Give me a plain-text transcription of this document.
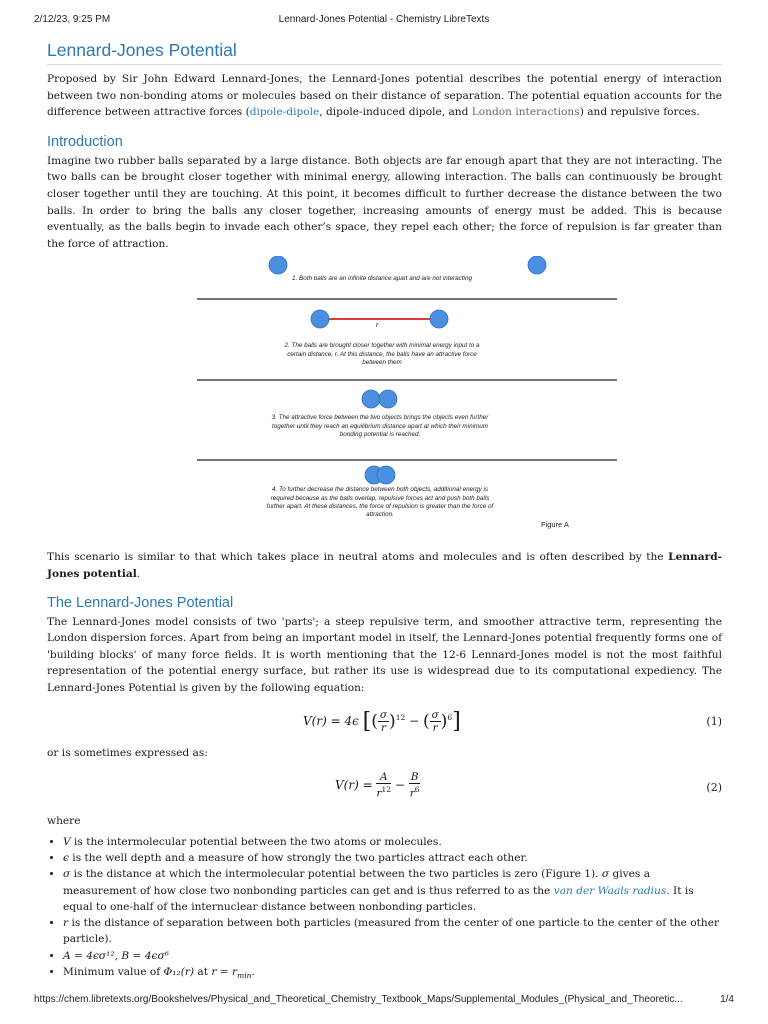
2/12/23, 9:25 PM	Lennard-Jones Potential - Chemistry LibreTexts
Lennard-Jones Potential

Proposed by Sir John Edward Lennard-Jones, the Lennard-Jones potential describes the potential energy of interaction between two non-bonding atoms or molecules based on their distance of separation. The potential equation accounts for the difference between attractive forces (dipole-dipole, dipole-induced dipole, and London interactions) and repulsive forces.

Introduction

Imagine two rubber balls separated by a large distance. Both objects are far enough apart that they are not interacting. The two balls can be brought closer together with minimal energy, allowing interaction. The balls can continuously be brought closer together until they are touching. At this point, it becomes difficult to further decrease the distance between the two balls. In order to bring the balls any closer together, increasing amounts of energy must be added. This is because eventually, as the balls begin to invade each other’s space, they repel each other; the force of repulsion is far greater than the force of attraction.

1. Both balls are an infinite distance apart and are not interacting
r
2. The balls are brought closer together with minimal energy input to a certain distance, r. At this distance, the balls have an attractive force between them
3. The attractive force between the two objects brings the objects even further together until they reach an equilibrium distance apart at which their minimum bonding potential is reached.
4. To further decrease the distance between both objects, additional energy is required because as the balls overlap, repulsive forces act and push both balls further apart. At these distances, the force of repulsion is greater than the force of attraction.
Figure A

This scenario is similar to that which takes place in neutral atoms and molecules and is often described by the Lennard-Jones potential.

The Lennard-Jones Potential

The Lennard-Jones model consists of two 'parts'; a steep repulsive term, and smoother attractive term, representing the London dispersion forces. Apart from being an important model in itself, the Lennard-Jones potential frequently forms one of 'building blocks' of many force fields. It is worth mentioning that the 12-6 Lennard-Jones model is not the most faithful representation of the potential energy surface, but rather its use is widespread due to its computational expediency. The Lennard-Jones Potential is given by the following equation:

V(r) = 4ϵ [( $\frac{\sigma}{r} )^{12}$ − ( $\frac{\sigma}{r} )^6$]	(1)

or is sometimes expressed as:

$V(r) = \frac{A}{r^{12}} - \frac{B}{r^6}$	(2)

where

• V is the intermolecular potential between the two atoms or molecules.
• ϵ is the well depth and a measure of how strongly the two particles attract each other.
• σ is the distance at which the intermolecular potential between the two particles is zero (Figure 1). σ gives a measurement of how close two nonbonding particles can get and is thus referred to as the van der Waals radius. It is equal to one-half of the internuclear distance between nonbonding particles.
• r is the distance of separation between both particles (measured from the center of one particle to the center of the other particle).
• A = 4ϵσ¹², B = 4ϵσ⁶
• Minimum value of Φ₁₂(r) at $r = r_{min}$.
https://chem.libretexts.org/Bookshelves/Physical_and_Theoretical_Chemistry_Textbook_Maps/Supplemental_Modules_(Physical_and_Theoretic...	1/4
